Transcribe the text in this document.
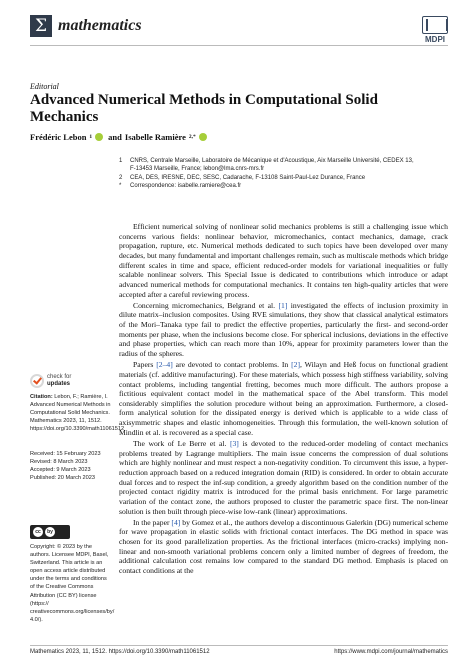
Σ mathematics
MDPI
Editorial
Advanced Numerical Methods in Computational Solid Mechanics
Frédéric Lebon 1 and Isabelle Ramière 2,*
1	CNRS, Centrale Marseille, Laboratoire de Mécanique et d'Acoustique, Aix Marseille Université, CEDEX 13,
F-13453 Marseille, France; lebon@lma.cnrs-mrs.fr
2	CEA, DES, IRESNE, DEC, SESC, Cadarache, F-13108 Saint-Paul-Lez Durance, France
*	Correspondence: isabelle.ramiere@cea.fr
check for
updates
Citation: Lebon, F.; Ramière, I. Advanced Numerical Methods in Computational Solid Mechanics. Mathematics 2023, 11, 1512. https://doi.org/10.3390/math11061512
Received: 15 February 2023
Revised: 8 March 2023
Accepted: 9 March 2023
Published: 20 March 2023
cc	by
Copyright: © 2023 by the authors. Licensee MDPI, Basel, Switzerland. This article is an open access article distributed under the terms and conditions of the Creative Commons Attribution (CC BY) license (https:// creativecommons.org/licenses/by/ 4.0/).

Efficient numerical solving of nonlinear solid mechanics problems is still a challenging issue which concerns various fields: nonlinear behavior, micromechanics, contact mechanics, damage, crack propagation, rupture, etc. Numerical methods dedicated to such topics have been developed over many decades, but many fundamental and important challenges remain, such as multiscale methods which bridge different scales in time and space, efficient reduced-order models for variational inequalities or fully scalable nonlinear solvers. This Special Issue is dedicated to contributions which introduce or adapt advanced numerical methods for computational mechanics. It contains ten high-quality articles that were accepted after a careful reviewing process.

Concerning micromechanics, Belgrand et al. [1] investigated the effects of inclusion proximity in dilute matrix–inclusion composites. Using RVE simulations, they show that classical analytical estimators of the Mori–Tanaka type fail to predict the effective properties, particularly the first- and second-order moments per phase, when the inclusions become close. For spherical inclusions, deviations in the effective and phase properties, which can reach more than 10%, appear for proximity parameters lower than the radius of the spheres.

Papers [2–4] are devoted to contact problems. In [2], Wilayn and Heß focus on functional gradient materials (cf. additive manufacturing). For these materials, which possess high stiffness variability, solving contact problems, including tangential fretting, becomes much more difficult. The authors propose a fictitious equivalent contact model in the mathematical space of the Abel transform. This model considerably simplifies the solution procedure without being an approximation. Furthermore, a closed-form analytical solution for the dissipated energy is derived which is applicable to a wide class of axisymmetric shapes and elastic inhomogeneities. Through this formulation, the well-known solution of Mindlin et al. is recovered as a special case.

The work of Le Berre et al. [3] is devoted to the reduced-order modeling of contact mechanics problems treated by Lagrange multipliers. The main issue concerns the compression of dual solutions which are highly nonlinear and must respect a non-negativity condition. To circumvent this issue, a hyper-reduction approach based on a reduced integration domain (RID) is considered. In order to obtain accurate dual forces and to respect the inf-sup condition, a greedy algorithm based on the condition number of the projected contact rigidity matrix is introduced for the primal basis enrichment. For large parametric variation of the contact zone, the authors proposed to cluster the parametric space first. The non-linear solution is then built through piece-wise low-rank (linear) approximations.

In the paper [4] by Gomez et al., the authors develop a discontinuous Galerkin (DG) numerical scheme for wave propagation in elastic solids with frictional contact interfaces. The DG method in space was chosen for its good parallelization properties. As the frictional interfaces (micro-cracks) implying non-linear and non-smooth variational problems concern only a limited number of degrees of freedom, the additional calculation cost remains low compared to the standard DG method. Emphasis is placed on contact conditions at the

Mathematics 2023, 11, 1512. https://doi.org/10.3390/math11061512	https://www.mdpi.com/journal/mathematics
